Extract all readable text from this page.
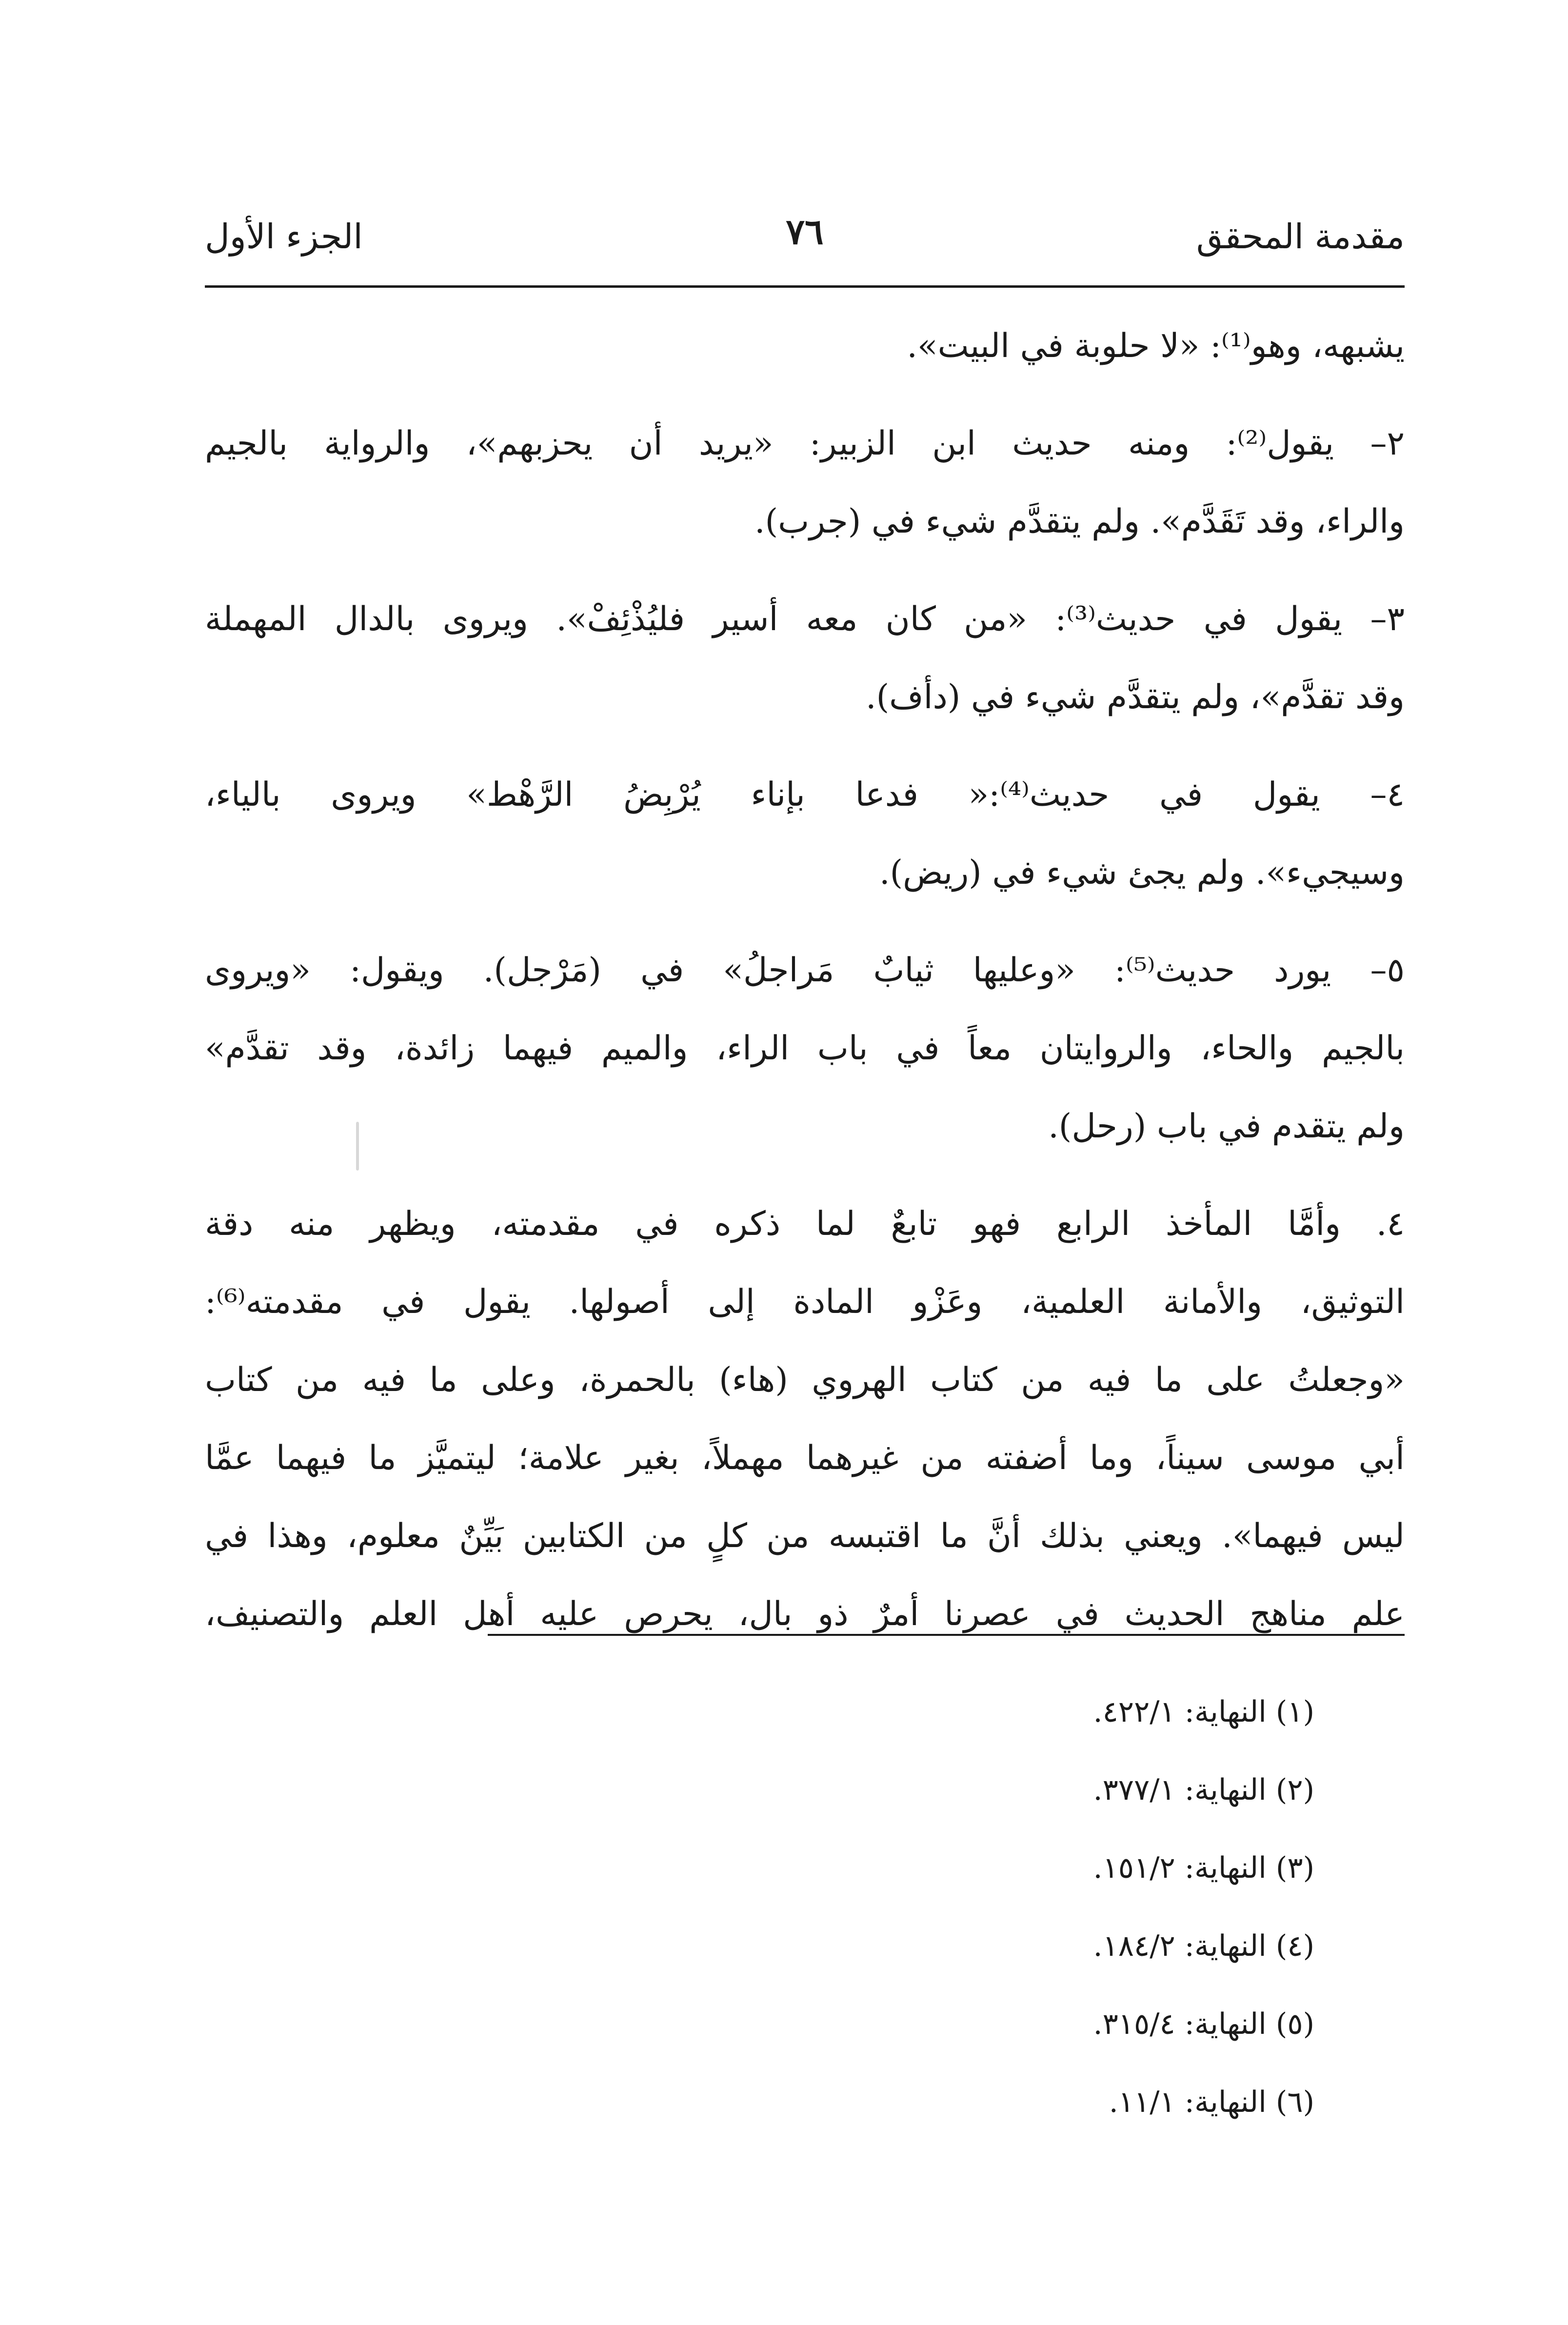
مقدمة المحقق
٧٦
الجزء الأول

يشبهه، وهو⁽¹⁾: «لا حلوبة في البيت».

٢– يقول⁽²⁾: ومنه حديث ابن الزبير: «يريد أن يحزبهم»، والرواية بالجيم
والراء، وقد تَقَدَّم». ولم يتقدَّم شيء في (جرب).

٣– يقول في حديث⁽³⁾: «من كان معه أسير فليُذْئِفْ». ويروى بالدال المهملة
وقد تقدَّم»، ولم يتقدَّم شيء في (دأف).

٤– يقول في حديث⁽⁴⁾:« فدعا بإناء يُرْبِضُ الرَّهْط» ويروى بالياء،
وسيجيء». ولم يجئ شيء في (ريض).

٥– يورد حديث⁽⁵⁾: «وعليها ثيابٌ مَراجلُ» في (مَرْجل). ويقول: «ويروى
بالجيم والحاء، والروايتان معاً في باب الراء، والميم فيهما زائدة، وقد تقدَّم»
ولم يتقدم في باب (رحل).

٤. وأمَّا المأخذ الرابع فهو تابعٌ لما ذكره في مقدمته، ويظهر منه دقة
التوثيق، والأمانة العلمية، وعَزْو المادة إلى أصولها. يقول في مقدمته⁽⁶⁾:
«وجعلتُ على ما فيه من كتاب الهروي (هاء) بالحمرة، وعلى ما فيه من كتاب
أبي موسى سيناً، وما أضفته من غيرهما مهملاً، بغير علامة؛ ليتميَّز ما فيهما عمَّا
ليس فيهما». ويعني بذلك أنَّ ما اقتبسه من كلٍ من الكتابين بَيِّنٌ معلوم، وهذا في
علم مناهج الحديث في عصرنا أمرٌ ذو بال، يحرص عليه أهل العلم والتصنيف،

(١) النهاية: ٤٢٢/١.
(٢) النهاية: ٣٧٧/١.
(٣) النهاية: ١٥١/٢.
(٤) النهاية: ١٨٤/٢.
(٥) النهاية: ٣١٥/٤.
(٦) النهاية: ١١/١.
